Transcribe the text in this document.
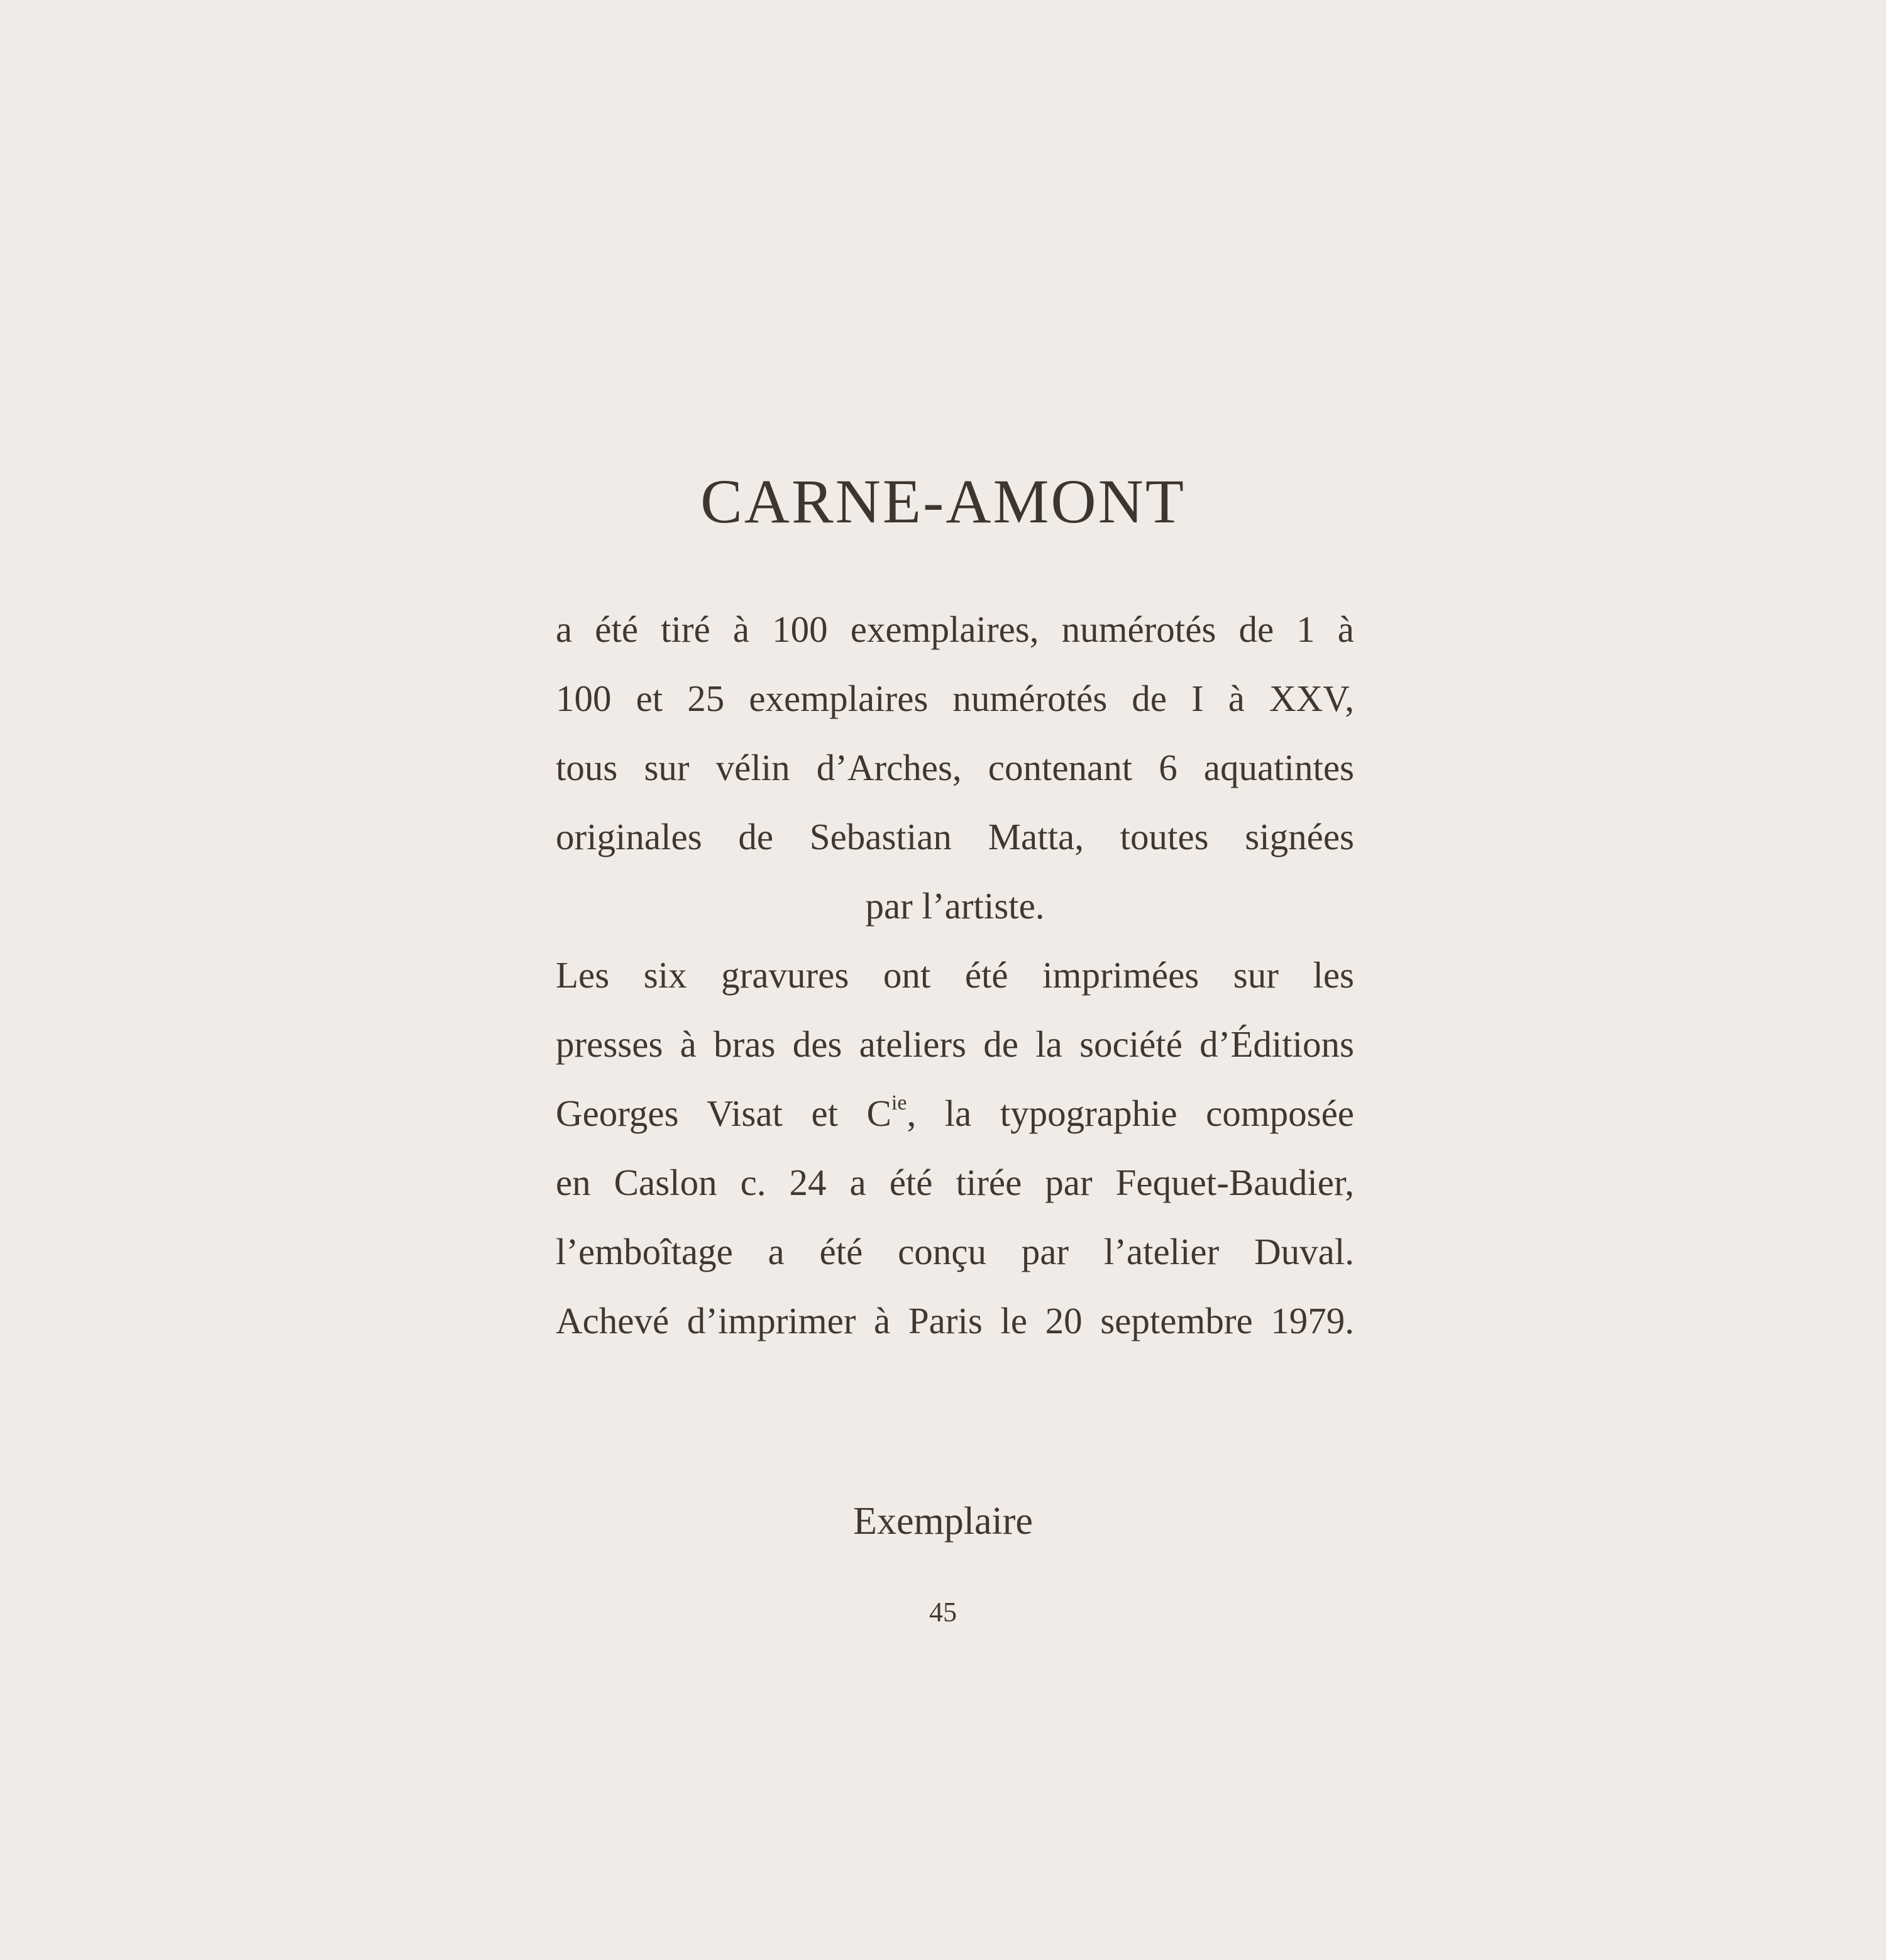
CARNE-AMONT
a été tiré à 100 exemplaires, numérotés de 1 à
100 et 25 exemplaires numérotés de I à XXV,
tous sur vélin d’Arches, contenant 6 aquatintes
originales de Sebastian Matta, toutes signées
par l’artiste.
Les six gravures ont été imprimées sur les
presses à bras des ateliers de la société d’Éditions
Georges Visat et $C^{ie}$, la typographie composée
en Caslon c. 24 a été tirée par Fequet-Baudier,
l’emboîtage a été conçu par l’atelier Duval.
Achevé d’imprimer à Paris le 20 septembre 1979.
Exemplaire
45
